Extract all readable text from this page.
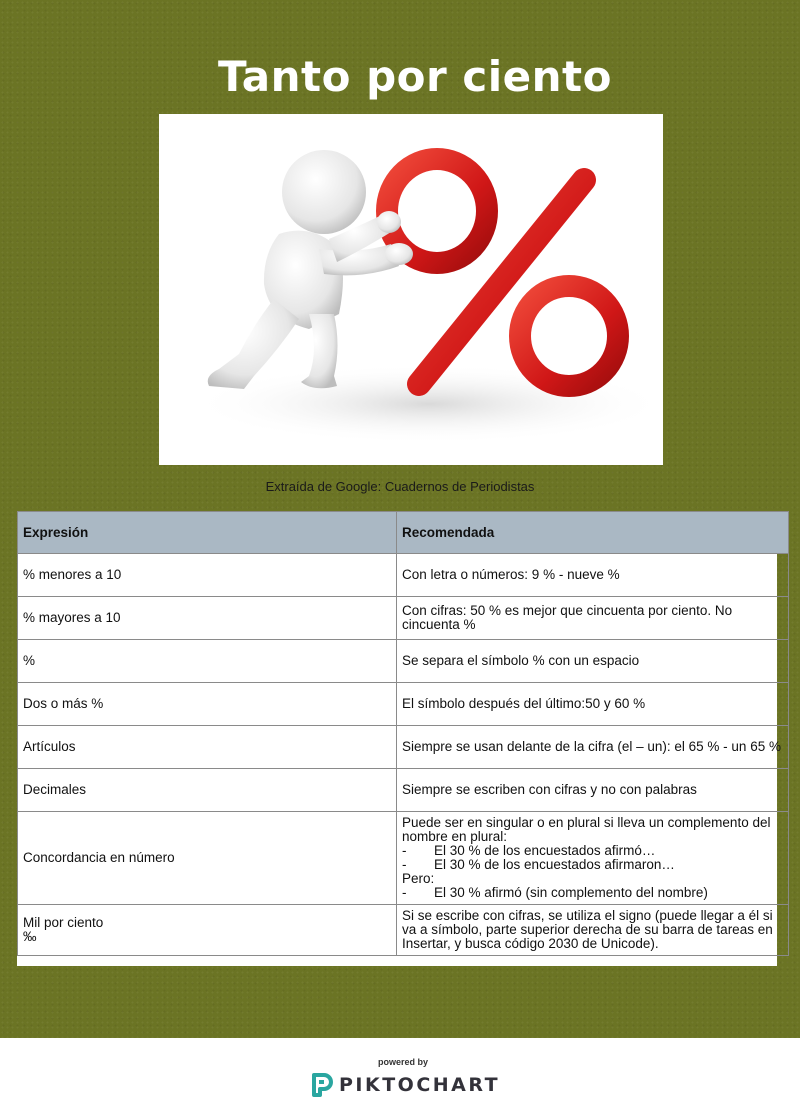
Tanto por ciento
Extraída de Google: Cuadernos de Periodistas
Expresión	Recomendada
% menores a 10	Con letra o números: 9 % - nueve %
% mayores a 10	Con cifras: 50 % es mejor que cincuenta por ciento. No cincuenta %
%	Se separa el símbolo % con un espacio
Dos o más %	El símbolo después del último:50 y 60 %
Artículos	Siempre se usan delante de la cifra (el – un): el 65 % - un 65 %
Decimales	Siempre se escriben con cifras y no con palabras
Concordancia en número	Puede ser en singular o en plural si lleva un complemento del nombre en plural:
- El 30 % de los encuestados afirmó…
- El 30 % de los encuestados afirmaron…
Pero:
- El 30 % afirmó (sin complemento del nombre)

Mil por ciento
‰	Si se escribe con cifras, se utiliza el signo (puede llegar a él si va a símbolo, parte superior derecha de su barra de tareas en Insertar, y busca código 2030 de Unicode).
powered by
PIKTOCHART
